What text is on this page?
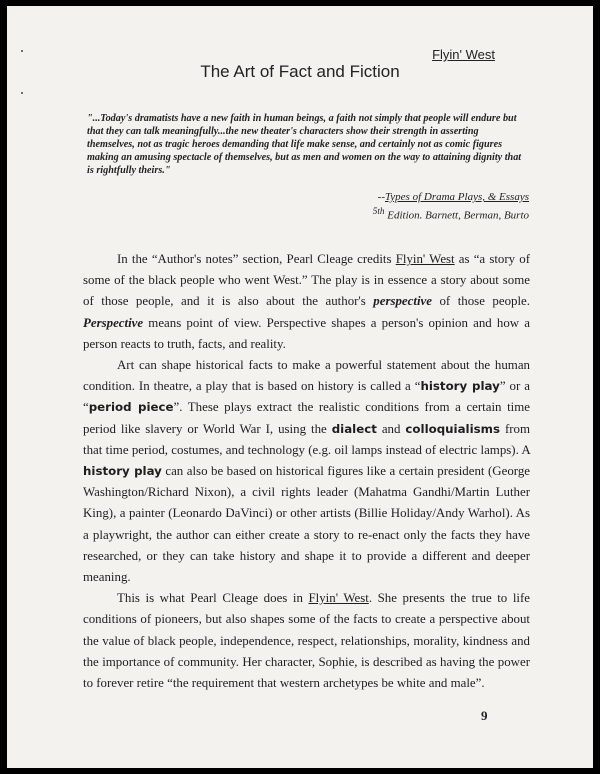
Flyin' West
The Art of Fact and Fiction
"...Today's dramatists have a new faith in human beings, a faith not simply that people will endure but that they can talk meaningfully...the new theater's characters show their strength in asserting themselves, not as tragic heroes demanding that life make sense, and certainly not as comic figures making an amusing spectacle of themselves, but as men and women on the way to attaining dignity that is rightfully theirs."
--Types of Drama Plays, & Essays
$^{5th}$ Edition. Barnett, Berman, Burto

In the “Author's notes” section, Pearl Cleage credits Flyin' West as “a story of some of the black people who went West.” The play is in essence a story about some of those people, and it is also about the author's perspective of those people. Perspective means point of view. Perspective shapes a person's opinion and how a person reacts to truth, facts, and reality.

Art can shape historical facts to make a powerful statement about the human condition. In theatre, a play that is based on history is called a “history play” or a “period piece”. These plays extract the realistic conditions from a certain time period like slavery or World War I, using the dialect and colloquialisms from that time period, costumes, and technology (e.g. oil lamps instead of electric lamps). A history play can also be based on historical figures like a certain president (George Washington/Richard Nixon), a civil rights leader (Mahatma Gandhi/Martin Luther King), a painter (Leonardo DaVinci) or other artists (Billie Holiday/Andy Warhol). As a playwright, the author can either create a story to re-enact only the facts they have researched, or they can take history and shape it to provide a different and deeper meaning.

This is what Pearl Cleage does in Flyin' West. She presents the true to life conditions of pioneers, but also shapes some of the facts to create a perspective about the value of black people, independence, respect, relationships, morality, kindness and the importance of community. Her character, Sophie, is described as having the power to forever retire “the requirement that western archetypes be white and male”.

9
